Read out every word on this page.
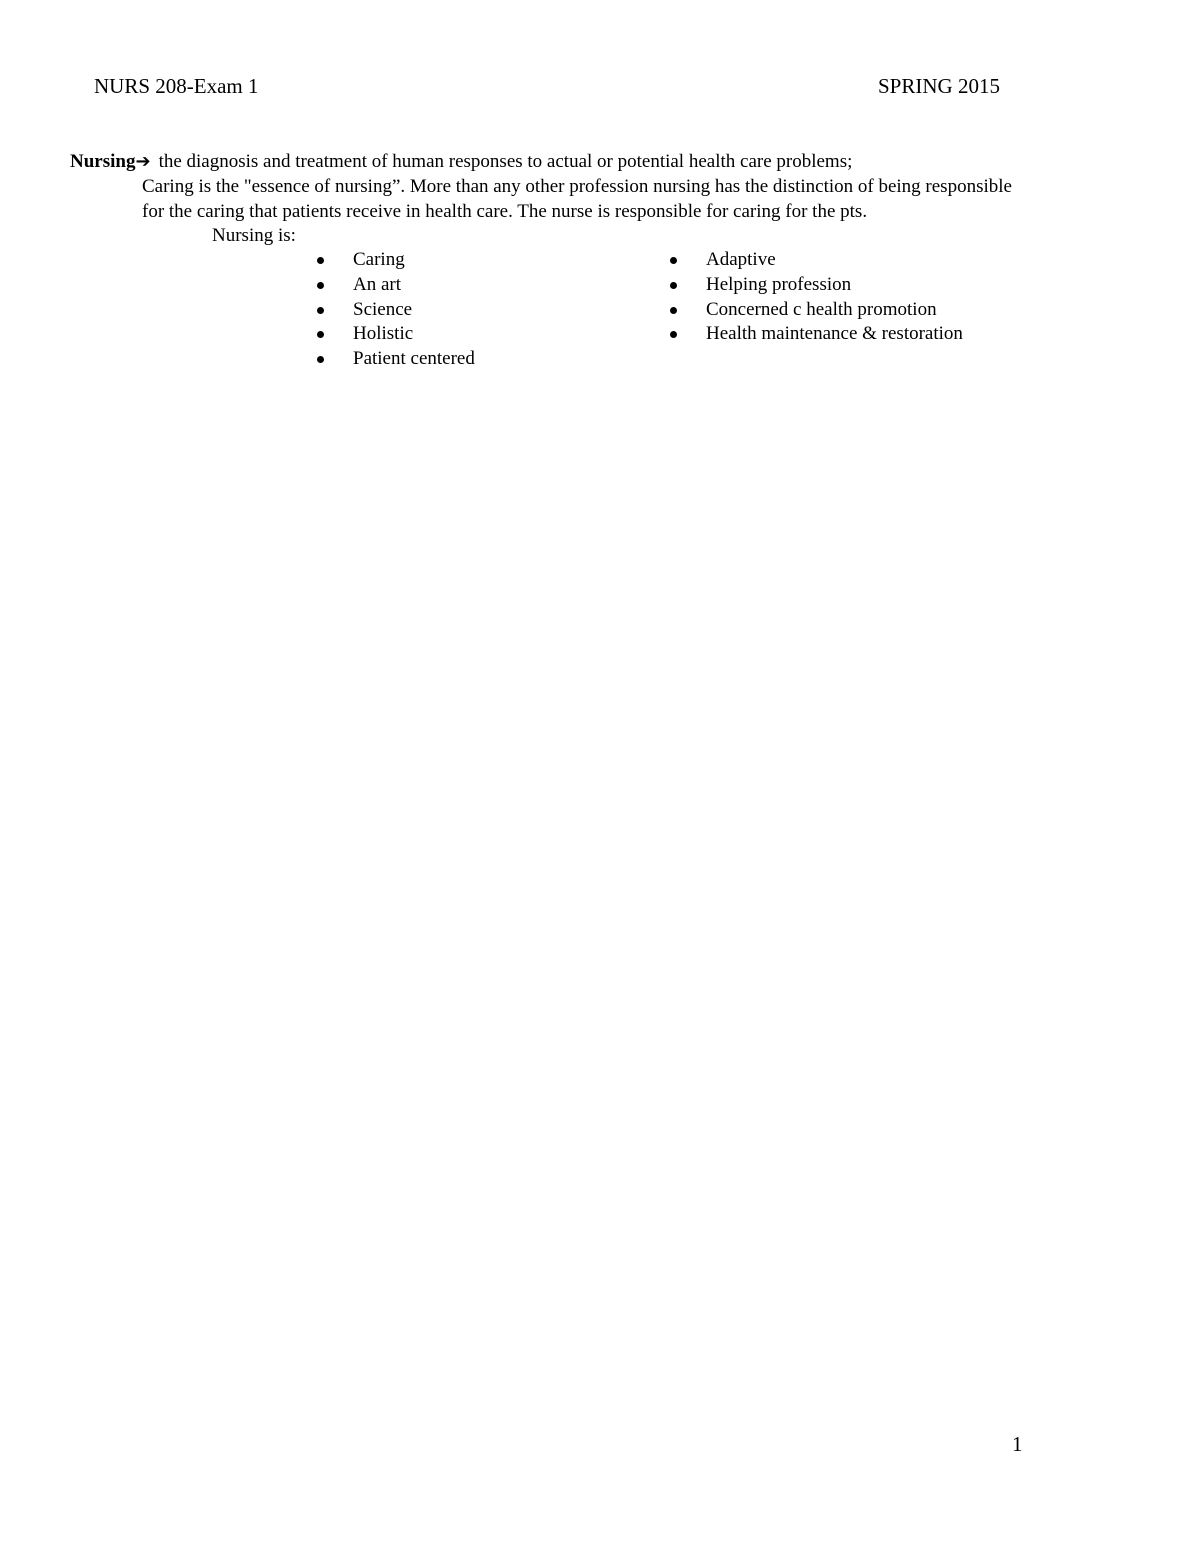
NURS 208-Exam 1	SPRING 2015
Nursing➔ the diagnosis and treatment of human responses to actual or potential health care problems;

Caring is the "essence of nursing”. More than any other profession nursing has the distinction of being responsible

for the caring that patients receive in health care. The nurse is responsible for caring for the pts.

Nursing is:
Caring
An art
Science
Holistic
Patient centered
Adaptive
Helping profession
Concerned c health promotion
Health maintenance & restoration
1
